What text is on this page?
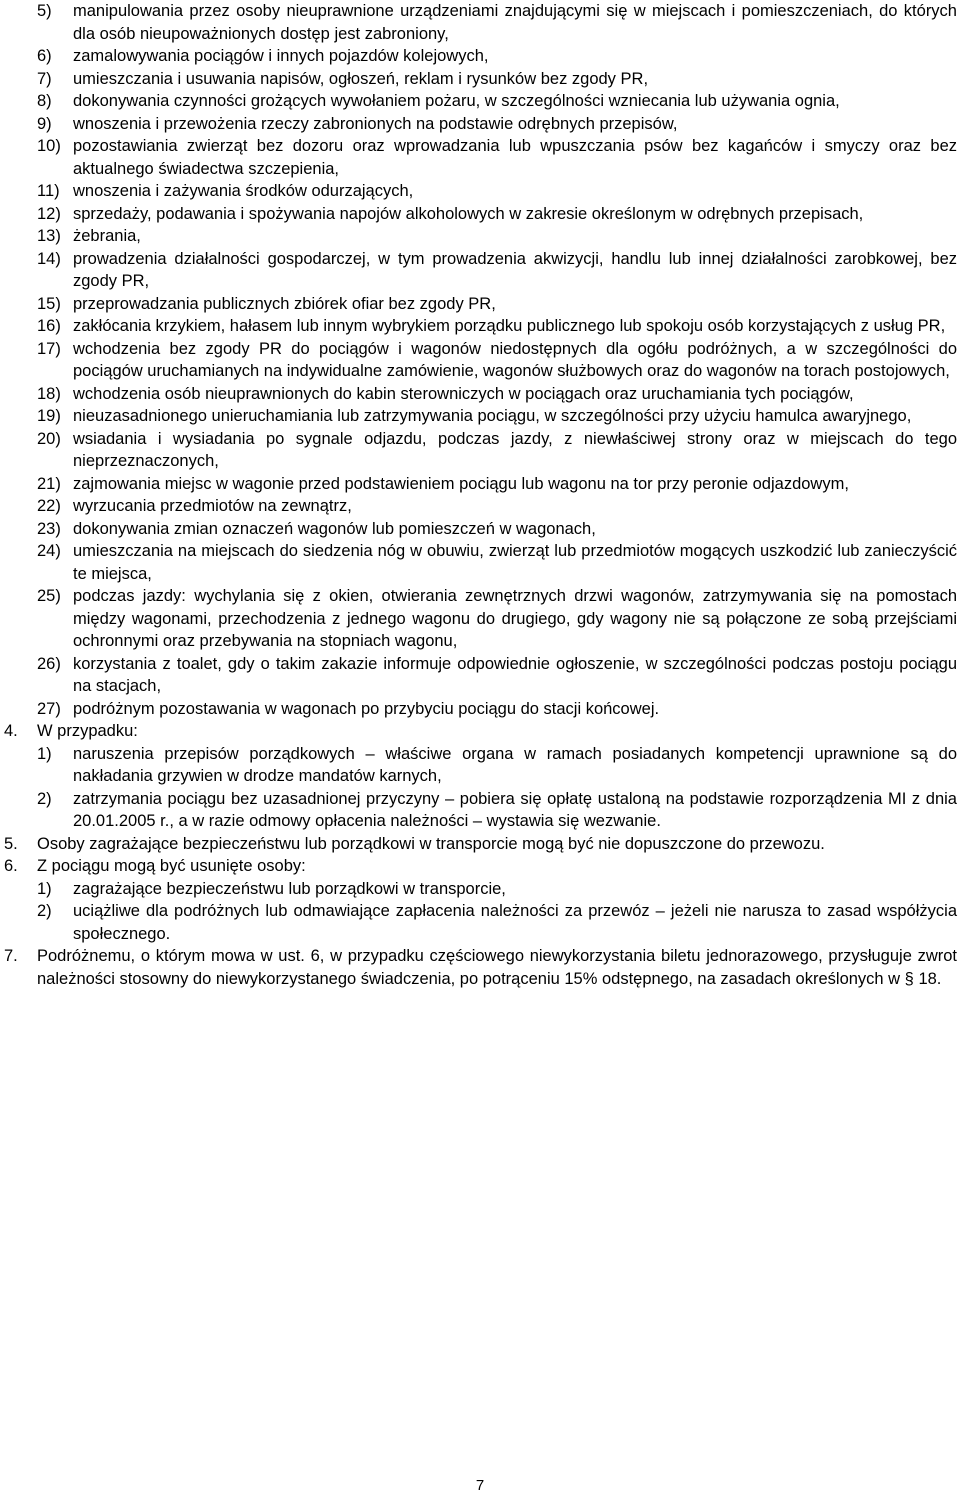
5) manipulowania przez osoby nieuprawnione urządzeniami znajdującymi się w miejscach i pomieszczeniach, do których dla osób nieupoważnionych dostęp jest zabroniony,
6) zamalowywania pociągów i innych pojazdów kolejowych,
7) umieszczania i usuwania napisów, ogłoszeń, reklam i rysunków bez zgody PR,
8) dokonywania czynności grożących wywołaniem pożaru, w szczególności wzniecania lub używania ognia,
9) wnoszenia i przewożenia rzeczy zabronionych na podstawie odrębnych przepisów,
10) pozostawiania zwierząt bez dozoru oraz wprowadzania lub wpuszczania psów bez kagańców i smyczy oraz bez aktualnego świadectwa szczepienia,
11) wnoszenia i zażywania środków odurzających,
12) sprzedaży, podawania i spożywania napojów alkoholowych w zakresie określonym w odrębnych przepisach,
13) żebrania,
14) prowadzenia działalności gospodarczej, w tym prowadzenia akwizycji, handlu lub innej działalności zarobkowej, bez zgody PR,
15) przeprowadzania publicznych zbiórek ofiar bez zgody PR,
16) zakłócania krzykiem, hałasem lub innym wybrykiem porządku publicznego lub spokoju osób korzystających z usług PR,
17) wchodzenia bez zgody PR do pociągów i wagonów niedostępnych dla ogółu podróżnych, a w szczególności do pociągów uruchamianych na indywidualne zamówienie, wagonów służbowych oraz do wagonów na torach postojowych,
18) wchodzenia osób nieuprawnionych do kabin sterowniczych w pociągach oraz uruchamiania tych pociągów,
19) nieuzasadnionego unieruchamiania lub zatrzymywania pociągu, w szczególności przy użyciu hamulca awaryjnego,
20) wsiadania i wysiadania po sygnale odjazdu, podczas jazdy, z niewłaściwej strony oraz w miejscach do tego nieprzeznaczonych,
21) zajmowania miejsc w wagonie przed podstawieniem pociągu lub wagonu na tor przy peronie odjazdowym,
22) wyrzucania przedmiotów na zewnątrz,
23) dokonywania zmian oznaczeń wagonów lub pomieszczeń w wagonach,
24) umieszczania na miejscach do siedzenia nóg w obuwiu, zwierząt lub przedmiotów mogących uszkodzić lub zanieczyścić te miejsca,
25) podczas jazdy: wychylania się z okien, otwierania zewnętrznych drzwi wagonów, zatrzymywania się na pomostach między wagonami, przechodzenia z jednego wagonu do drugiego, gdy wagony nie są połączone ze sobą przejściami ochronnymi oraz przebywania na stopniach wagonu,
26) korzystania z toalet, gdy o takim zakazie informuje odpowiednie ogłoszenie, w szczególności podczas postoju pociągu na stacjach,
27) podróżnym pozostawania w wagonach po przybyciu pociągu do stacji końcowej.
4. W przypadku:
1) naruszenia przepisów porządkowych – właściwe organa w ramach posiadanych kompetencji uprawnione są do nakładania grzywien w drodze mandatów karnych,
2) zatrzymania pociągu bez uzasadnionej przyczyny – pobiera się opłatę ustaloną na podstawie rozporządzenia MI z dnia 20.01.2005 r., a w razie odmowy opłacenia należności – wystawia się wezwanie.
5. Osoby zagrażające bezpieczeństwu lub porządkowi w transporcie mogą być nie dopuszczone do przewozu.
6. Z pociągu mogą być usunięte osoby:
1) zagrażające bezpieczeństwu lub porządkowi w transporcie,
2) uciążliwe dla podróżnych lub odmawiające zapłacenia należności za przewóz – jeżeli nie narusza to zasad współżycia społecznego.
7. Podróżnemu, o którym mowa w ust. 6, w przypadku częściowego niewykorzystania biletu jednorazowego, przysługuje zwrot należności stosowny do niewykorzystanego świadczenia, po potrąceniu 15% odstępnego, na zasadach określonych w § 18.
7
